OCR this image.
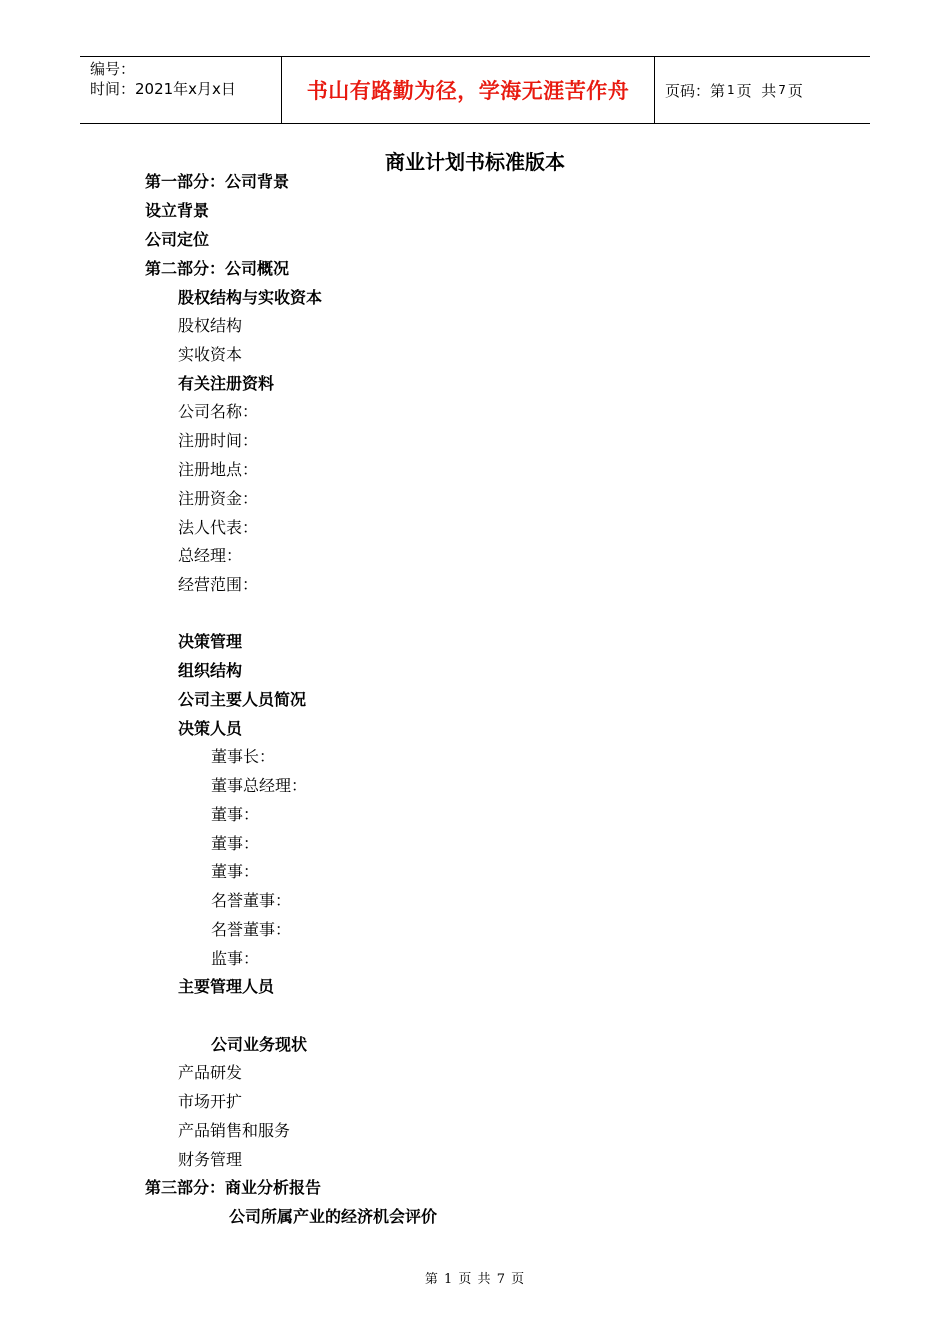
编号：
时间：2021年x月x日	书山有路勤为径，学海无涯苦作舟	页码：第 1 页  共 7 页
商业计划书标准版本
第一部分：公司背景
设立背景
公司定位
第二部分：公司概况
股权结构与实收资本
股权结构
实收资本
有关注册资料
公司名称：
注册时间：
注册地点：
注册资金：
法人代表：
总经理：
经营范围：
决策管理
组织结构
公司主要人员简况
决策人员
董事长：
董事总经理：
董事：
董事：
董事：
名誉董事：
名誉董事：
监事：
主要管理人员
公司业务现状
产品研发
市场开扩
产品销售和服务
财务管理
第三部分：商业分析报告
公司所属产业的经济机会评价
第 1 页 共 7 页
